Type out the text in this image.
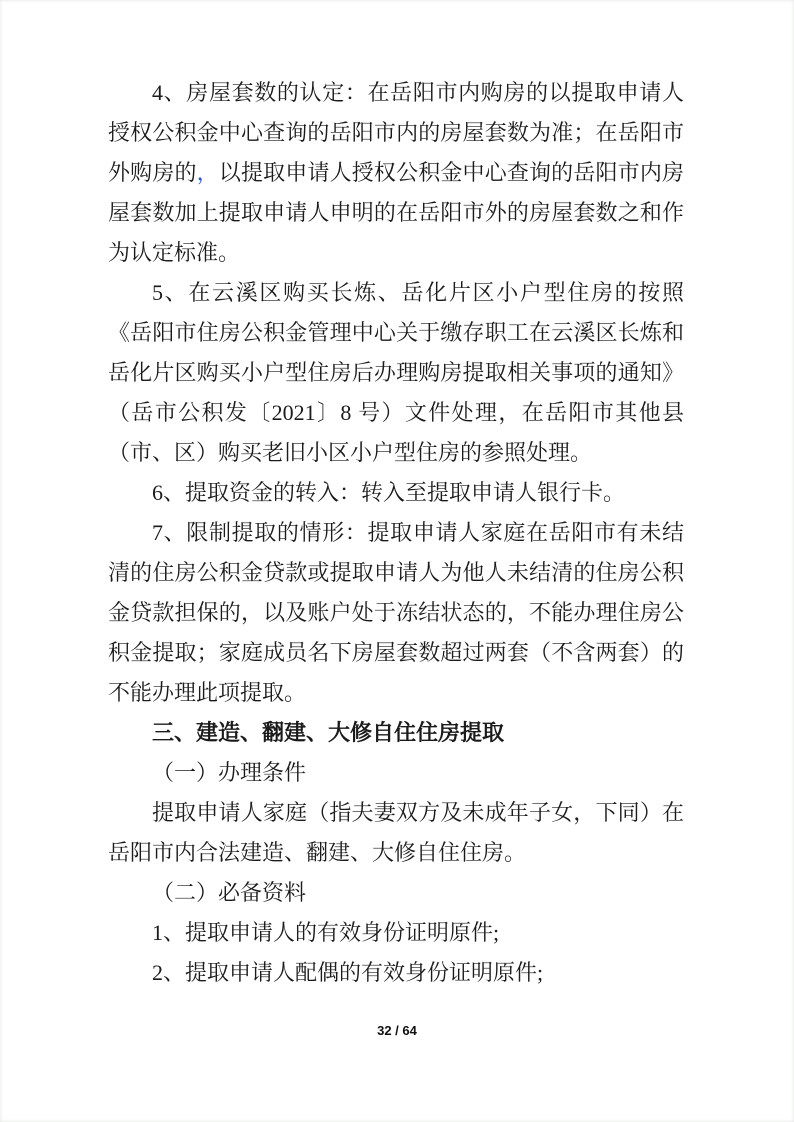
4、房屋套数的认定：在岳阳市内购房的以提取申请人授权公积金中心查询的岳阳市内的房屋套数为准；在岳阳市外购房的，以提取申请人授权公积金中心查询的岳阳市内房屋套数加上提取申请人申明的在岳阳市外的房屋套数之和作为认定标准。

5、在云溪区购买长炼、岳化片区小户型住房的按照《岳阳市住房公积金管理中心关于缴存职工在云溪区长炼和岳化片区购买小户型住房后办理购房提取相关事项的通知》（岳市公积发〔2021〕8 号）文件处理，在岳阳市其他县（市、区）购买老旧小区小户型住房的参照处理。

6、提取资金的转入：转入至提取申请人银行卡。

7、限制提取的情形：提取申请人家庭在岳阳市有未结清的住房公积金贷款或提取申请人为他人未结清的住房公积金贷款担保的，以及账户处于冻结状态的，不能办理住房公积金提取；家庭成员名下房屋套数超过两套（不含两套）的不能办理此项提取。

三、建造、翻建、大修自住住房提取

（一）办理条件

提取申请人家庭（指夫妻双方及未成年子女，下同）在岳阳市内合法建造、翻建、大修自住住房。

（二）必备资料

1、提取申请人的有效身份证明原件;

2、提取申请人配偶的有效身份证明原件;

32 / 64
